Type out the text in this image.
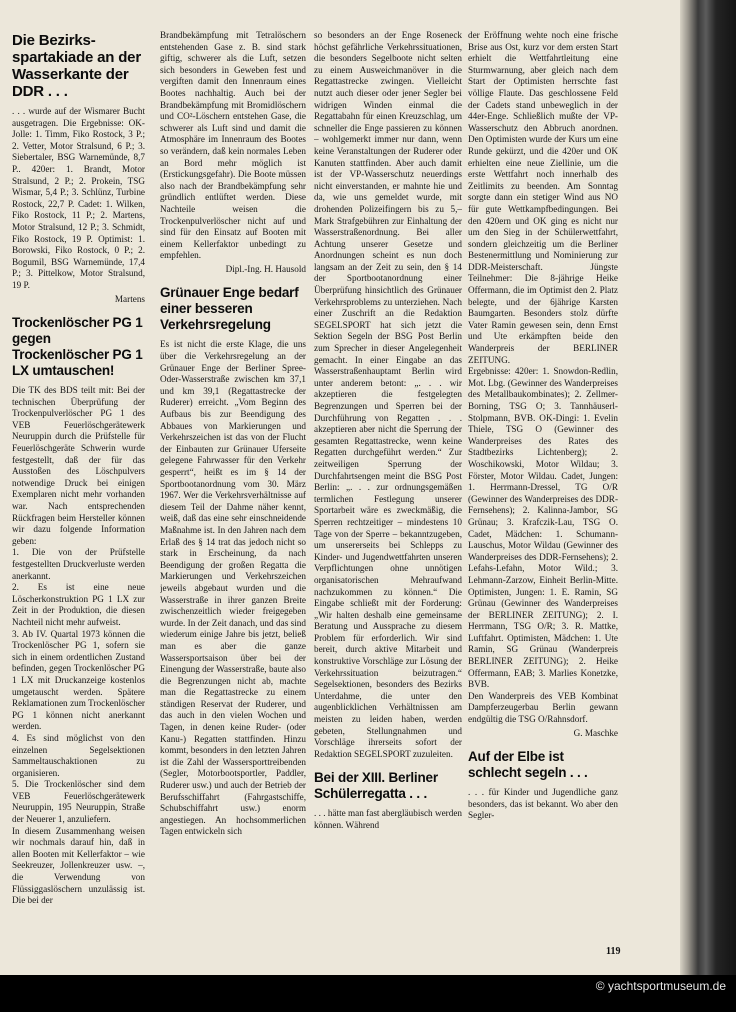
Die Bezirksspartakiade an der Wasserkante der DDR . . .

. . . wurde auf der Wismarer Bucht ausgetragen. Die Ergebnisse: OK-Jolle: 1. Timm, Fiko Rostock, 3 P.; 2. Vetter, Motor Stralsund, 6 P.; 3. Siebertaler, BSG Warnemünde, 8,7 P.. 420er: 1. Brandt, Motor Stralsund, 2 P.; 2. Prokein, TSG Wismar, 5,4 P.; 3. Schlünz, Turbine Rostock, 22,7 P. Cadet: 1. Wilken, Fiko Rostock, 11 P.; 2. Martens, Motor Stralsund, 12 P.; 3. Schmidt, Fiko Rostock, 19 P. Optimist: 1. Borowski, Fiko Rostock, 0 P.; 2. Bogumil, BSG Warnemünde, 17,4 P.; 3. Pittelkow, Motor Stralsund, 19 P.

Martens

Trockenlöscher PG 1 gegen Trockenlöscher PG 1 LX umtauschen!

Die TK des BDS teilt mit: Bei der technischen Überprüfung der Trockenpulverlöscher PG 1 des VEB Feuerlöschgerätewerk Neuruppin durch die Prüfstelle für Feuerlöschgeräte Schwerin wurde festgestellt, daß der für das Ausstoßen des Löschpulvers notwendige Druck bei einigen Exemplaren nicht mehr vorhanden war. Nach entsprechenden Rückfragen beim Hersteller können wir dazu folgende Information geben:

1. Die von der Prüfstelle festgestellten Druckverluste werden anerkannt.

2. Es ist eine neue Löscherkonstruktion PG 1 LX zur Zeit in der Produktion, die diesen Nachteil nicht mehr aufweist.

3. Ab IV. Quartal 1973 können die Trockenlöscher PG 1, sofern sie sich in einem ordentlichen Zustand befinden, gegen Trockenlöscher PG 1 LX mit Druckanzeige kostenlos umgetauscht werden. Spätere Reklamationen zum Trockenlöscher PG 1 können nicht anerkannt werden.

4. Es sind möglichst von den einzelnen Segelsektionen Sammeltauschaktionen zu organisieren.

5. Die Trockenlöscher sind dem VEB Feuerlöschgerätewerk Neuruppin, 195 Neuruppin, Straße der Neuerer 1, anzuliefern.

In diesem Zusammenhang weisen wir nochmals darauf hin, daß in allen Booten mit Kellerfaktor – wie Seekreuzer, Jollenkreuzer usw. –, die Verwendung von Flüssiggaslöschern unzulässig ist. Die bei der

Brandbekämpfung mit Tetralöschern entstehenden Gase z. B. sind stark giftig, schwerer als die Luft, setzen sich besonders in Geweben fest und vergiften damit den Innenraum eines Bootes nachhaltig. Auch bei der Brandbekämpfung mit Bromidlöschern und CO²-Löschern entstehen Gase, die schwerer als Luft sind und damit die Atmosphäre im Innenraum des Bootes so verändern, daß kein normales Leben an Bord mehr möglich ist (Erstickungsgefahr). Die Boote müssen also nach der Brandbekämpfung sehr gründlich entlüftet werden. Diese Nachteile weisen die Trockenpulverlöscher nicht auf und sind für den Einsatz auf Booten mit einem Kellerfaktor unbedingt zu empfehlen.

Dipl.-Ing. H. Hausold

Grünauer Enge bedarf einer besseren Verkehrsregelung

Es ist nicht die erste Klage, die uns über die Verkehrsregelung an der Grünauer Enge der Berliner Spree-Oder-Wasserstraße zwischen km 37,1 und km 39,1 (Regattastrecke der Ruderer) erreicht. „Vom Beginn des Aufbaus bis zur Beendigung des Abbaues von Markierungen und Verkehrszeichen ist das von der Flucht der Einbauten zur Grünauer Uferseite gelegene Fahrwasser für den Verkehr gesperrt“, heißt es im § 14 der Sportbootanordnung vom 30. März 1967. Wer die Verkehrsverhältnisse auf diesem Teil der Dahme näher kennt, weiß, daß das eine sehr einschneidende Maßnahme ist. In den Jahren nach dem Erlaß des § 14 trat das jedoch nicht so stark in Erscheinung, da nach Beendigung der großen Regatta die Markierungen und Verkehrszeichen jeweils abgebaut wurden und die Wasserstraße in ihrer ganzen Breite zwischenzeitlich wieder freigegeben wurde. In der Zeit danach, und das sind wiederum einige Jahre bis jetzt, beließ man es aber die ganze Wassersportsaison über bei der Einengung der Wasserstraße, baute also die Begrenzungen nicht ab, machte man die Regattastrecke zu einem ständigen Reservat der Ruderer, und das auch in den vielen Wochen und Tagen, in denen keine Ruder- (oder Kanu-) Regatten stattfinden. Hinzu kommt, besonders in den letzten Jahren ist die Zahl der Wassersporttreibenden (Segler, Motorbootsportler, Paddler, Ruderer usw.) und auch der Betrieb der Berufsschiffahrt (Fahrgastschiffe, Schubschiffahrt usw.) enorm angestiegen. An hochsommerlichen Tagen entwickeln sich

so besonders an der Enge Roseneck höchst gefährliche Verkehrssituationen, die besonders Segelboote nicht selten zu einem Ausweichmanöver in die Regattastrecke zwingen. Vielleicht nutzt auch dieser oder jener Segler bei widrigen Winden einmal die Regattabahn für einen Kreuzschlag, um schneller die Enge passieren zu können – wohlgemerkt immer nur dann, wenn keine Veranstaltungen der Ruderer oder Kanuten stattfinden. Aber auch damit ist der VP-Wasserschutz neuerdings nicht einverstanden, er mahnte hie und da, wie uns gemeldet wurde, mit drohenden Polizeifingern bis zu 5,– Mark Strafgebühren zur Einhaltung der Wasserstraßenordnung. Bei aller Achtung unserer Gesetze und Anordnungen scheint es nun doch langsam an der Zeit zu sein, den § 14 der Sportbootanordnung einer Überprüfung hinsichtlich des Grünauer Verkehrsproblems zu unterziehen. Nach einer Zuschrift an die Redaktion SEGELSPORT hat sich jetzt die Sektion Segeln der BSG Post Berlin zum Sprecher in dieser Angelegenheit gemacht. In einer Eingabe an das Wasserstraßenhauptamt Berlin wird unter anderem betont: „. . . wir akzeptieren die festgelegten Begrenzungen und Sperren bei der Durchführung von Regatten . . . akzeptieren aber nicht die Sperrung der gesamten Regattastrecke, wenn keine Regatten durchgeführt werden.“ Zur zeitweiligen Sperrung der Durchfahrtsengen meint die BSG Post Berlin: „. . . zur ordnungsgemäßen termlichen Festlegung unserer Sportarbeit wäre es zweckmäßig, die Sperren rechtzeitiger – mindestens 10 Tage von der Sperre – bekanntzugeben, um unsererseits bei Schlepps zu Kinder- und Jugendwettfahrten unseren Verpflichtungen ohne unnötigen organisatorischen Mehraufwand nachzukommen zu können.“ Die Eingabe schließt mit der Forderung: „Wir halten deshalb eine gemeinsame Beratung und Aussprache zu diesem Problem für erforderlich. Wir sind bereit, durch aktive Mitarbeit und konstruktive Vorschläge zur Lösung der Verkehrssituation beizutragen.“ Segelsektionen, besonders des Bezirks Unterdahme, die unter den augenblicklichen Verhältnissen am meisten zu leiden haben, werden gebeten, Stellungnahmen und Vorschläge ihrerseits sofort der Redaktion SEGELSPORT zuzuleiten.

Bei der XIII. Berliner Schülerregatta . . .

. . . hätte man fast abergläubisch werden können. Während

der Eröffnung wehte noch eine frische Brise aus Ost, kurz vor dem ersten Start erhielt die Wettfahrtleitung eine Sturmwarnung, aber gleich nach dem Start der Optimisten herrschte fast völlige Flaute. Das geschlossene Feld der Cadets stand unbeweglich in der 44er-Enge. Schließlich mußte der VP-Wasserschutz den Abbruch anordnen. Den Optimisten wurde der Kurs um eine Runde gekürzt, und die 420er und OK erhielten eine neue Ziellinie, um die erste Wettfahrt noch innerhalb des Zeitlimits zu beenden. Am Sonntag sorgte dann ein stetiger Wind aus NO für gute Wettkampfbedingungen. Bei den 420ern und OK ging es nicht nur um den Sieg in der Schülerwettfahrt, sondern gleichzeitig um die Berliner Bestenermittlung und Nominierung zur DDR-Meisterschaft. Jüngste Teilnehmer: Die 8-jährige Heike Offermann, die im Optimist den 2. Platz belegte, und der 6jährige Karsten Baumgarten. Besonders stolz dürfte Vater Ramin gewesen sein, denn Ernst und Ute erkämpften beide den Wanderpreis der BERLINER ZEITUNG.

Ergebnisse: 420er: 1. Snowdon-Redlin, Mot. Lbg. (Gewinner des Wanderpreises des Metallbaukombinates); 2. Zellmer-Borning, TSG O; 3. Tannhäuserl-Stolpmann, BVB. OK-Dingi: 1. Evelin Thiele, TSG O (Gewinner des Wanderpreises des Rates des Stadtbezirks Lichtenberg); 2. Woschikowski, Motor Wildau; 3. Förster, Motor Wildau. Cadet, Jungen: 1. Herrmann-Dressel, TG O/R (Gewinner des Wanderpreises des DDR-Fernsehens); 2. Kalinna-Jambor, SG Grünau; 3. Krafczik-Lau, TSG O. Cadet, Mädchen: 1. Schumann-Lauschus, Motor Wildau (Gewinner des Wanderpreises des DDR-Fernsehens); 2. Lefahs-Lefahn, Motor Wild.; 3. Lehmann-Zarzow, Einheit Berlin-Mitte. Optimisten, Jungen: 1. E. Ramin, SG Grünau (Gewinner des Wanderpreises der BERLINER ZEITUNG); 2. I. Herrmann, TSG O/R; 3. R. Mattke, Luftfahrt. Optimisten, Mädchen: 1. Ute Ramin, SG Grünau (Wanderpreis BERLINER ZEITUNG); 2. Heike Offermann, EAB; 3. Marlies Konetzke, BVB.

Den Wanderpreis des VEB Kombinat Dampferzeugerbau Berlin gewann endgültig die TSG O/Rahnsdorf.

G. Maschke

Auf der Elbe ist schlecht segeln . . .

. . . für Kinder und Jugendliche ganz besonders, das ist bekannt. Wo aber den Segler-

119
© yachtsportmuseum.de
